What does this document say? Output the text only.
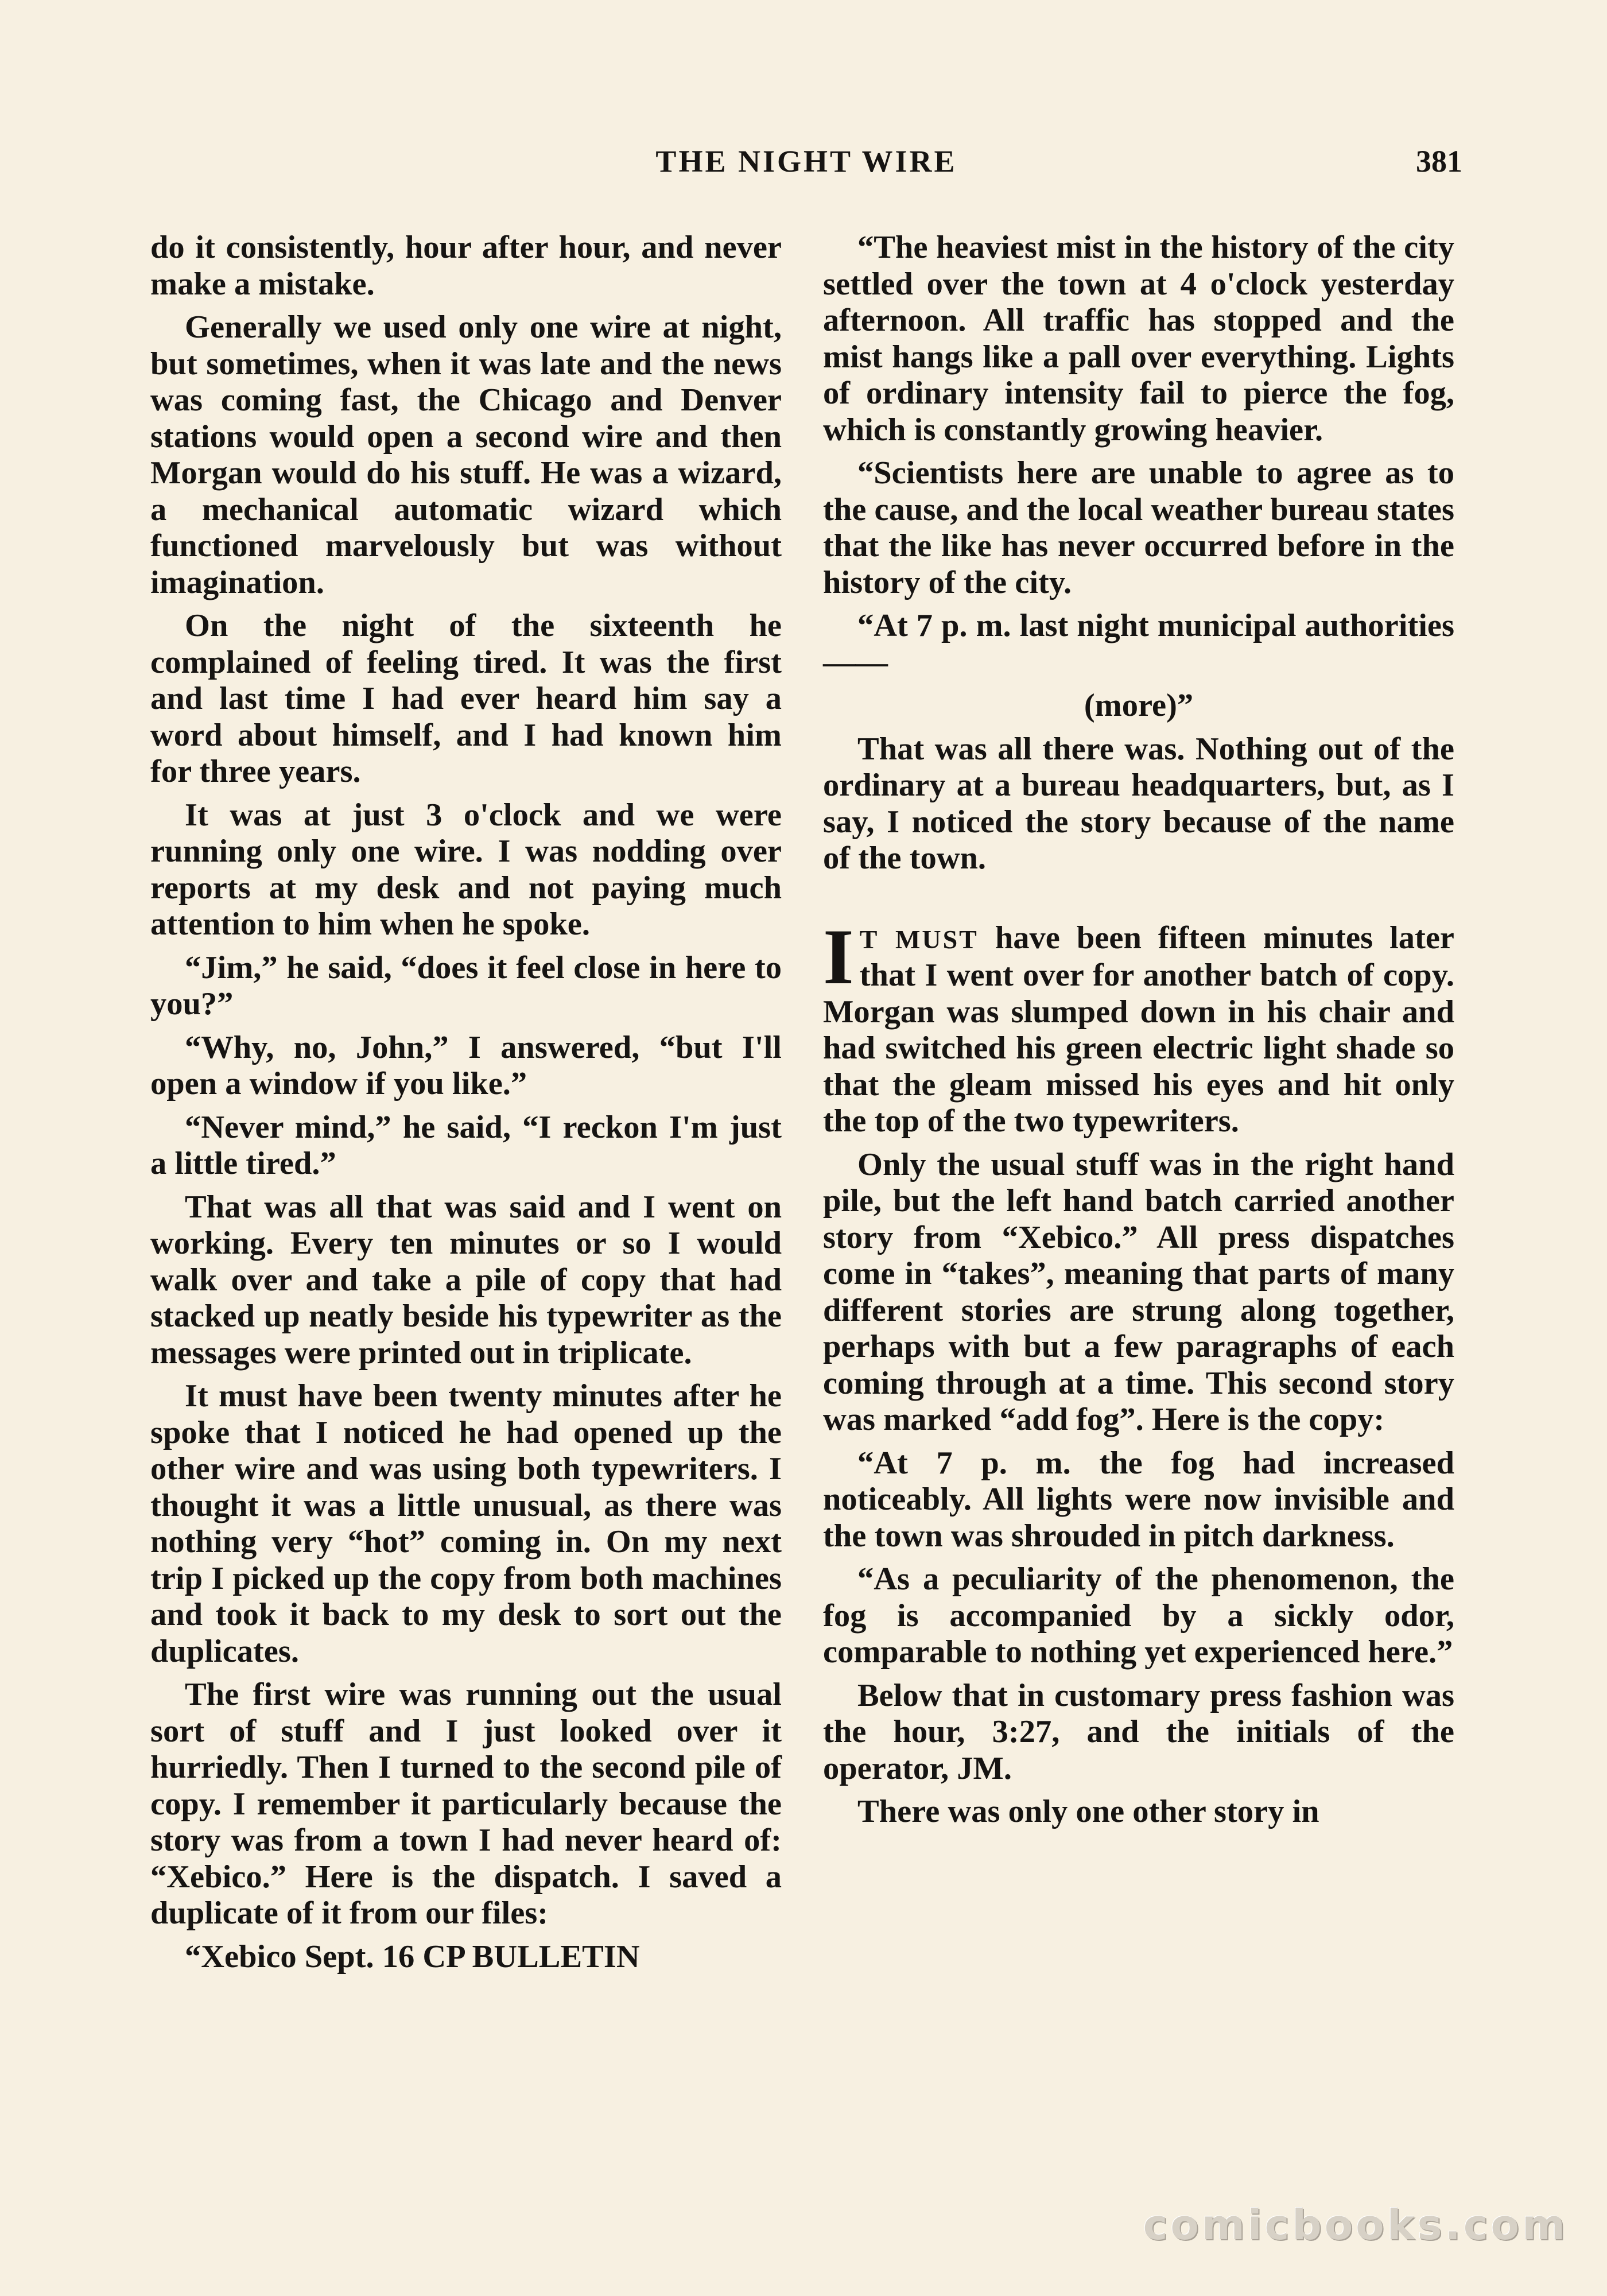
THE NIGHT WIRE	381

do it consistently, hour after hour, and never make a mistake.

Generally we used only one wire at night, but sometimes, when it was late and the news was coming fast, the Chicago and Denver stations would open a second wire and then Morgan would do his stuff. He was a wizard, a mechanical automatic wizard which functioned marvelously but was without imagination.

On the night of the sixteenth he complained of feeling tired. It was the first and last time I had ever heard him say a word about himself, and I had known him for three years.

It was at just 3 o'clock and we were running only one wire. I was nodding over reports at my desk and not paying much attention to him when he spoke.

“Jim,” he said, “does it feel close in here to you?”

“Why, no, John,” I answered, “but I'll open a window if you like.”

“Never mind,” he said, “I reckon I'm just a little tired.”

That was all that was said and I went on working. Every ten minutes or so I would walk over and take a pile of copy that had stacked up neatly beside his typewriter as the messages were printed out in triplicate.

It must have been twenty minutes after he spoke that I noticed he had opened up the other wire and was using both typewriters. I thought it was a little unusual, as there was nothing very “hot” coming in. On my next trip I picked up the copy from both machines and took it back to my desk to sort out the duplicates.

The first wire was running out the usual sort of stuff and I just looked over it hurriedly. Then I turned to the second pile of copy. I remember it particularly because the story was from a town I had never heard of: “Xebico.” Here is the dispatch. I saved a duplicate of it from our files:

“Xebico Sept. 16 CP BULLETIN

“The heaviest mist in the history of the city settled over the town at 4 o'clock yesterday afternoon. All traffic has stopped and the mist hangs like a pall over everything. Lights of ordinary intensity fail to pierce the fog, which is constantly growing heavier.

“Scientists here are unable to agree as to the cause, and the local weather bureau states that the like has never occurred before in the history of the city.

“At 7 p. m. last night municipal authorities——

(more)”

That was all there was. Nothing out of the ordinary at a bureau headquarters, but, as I say, I noticed the story because of the name of the town.

I T MUST have been fifteen minutes later that I went over for another batch of copy. Morgan was slumped down in his chair and had switched his green electric light shade so that the gleam missed his eyes and hit only the top of the two typewriters.

Only the usual stuff was in the right hand pile, but the left hand batch carried another story from “Xebico.” All press dispatches come in “takes”, meaning that parts of many different stories are strung along together, perhaps with but a few paragraphs of each coming through at a time. This second story was marked “add fog”. Here is the copy:

“At 7 p. m. the fog had increased noticeably. All lights were now invisible and the town was shrouded in pitch darkness.

“As a peculiarity of the phenomenon, the fog is accompanied by a sickly odor, comparable to nothing yet experienced here.”

Below that in customary press fashion was the hour, 3:27, and the initials of the operator, JM.

There was only one other story in

comicbooks.com
